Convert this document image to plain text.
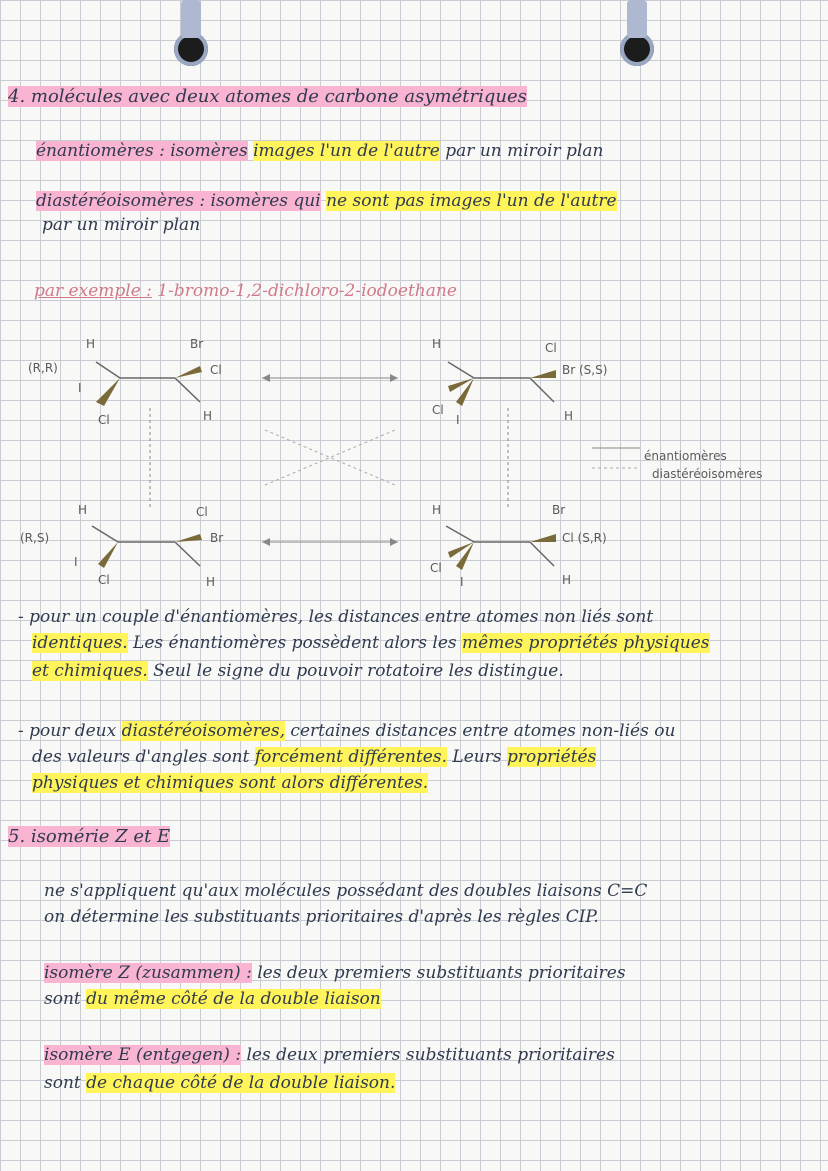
4. molécules avec deux atomes de carbone asymétriques
énantiomères : isomères images l'un de l'autre par un miroir plan
diastéréoisomères : isomères qui ne sont pas images l'un de l'autre
par un miroir plan
par exemple : 1-bromo-1,2-dichloro-2-iodoethane
(R,R)
H
I
Cl
Br
Cl
H
H
Cl
I
Cl
Br (S,S)
H
énantiomères
diastéréoisomères
(R,S)
H
I
Cl
Cl
Br
H
H
Cl
I
Br
Cl (S,R)
H
- pour un couple d'énantiomères, les distances entre atomes non liés sont
identiques. Les énantiomères possèdent alors les mêmes propriétés physiques
et chimiques. Seul le signe du pouvoir rotatoire les distingue.
- pour deux diastéréoisomères, certaines distances entre atomes non-liés ou
des valeurs d'angles sont forcément différentes. Leurs propriétés
physiques et chimiques sont alors différentes.
5. isomérie Z et E
ne s'appliquent qu'aux molécules possédant des doubles liaisons C=C
on détermine les substituants prioritaires d'après les règles CIP.
isomère Z (zusammen) : les deux premiers substituants prioritaires
sont du même côté de la double liaison
isomère E (entgegen) : les deux premiers substituants prioritaires
sont de chaque côté de la double liaison.
